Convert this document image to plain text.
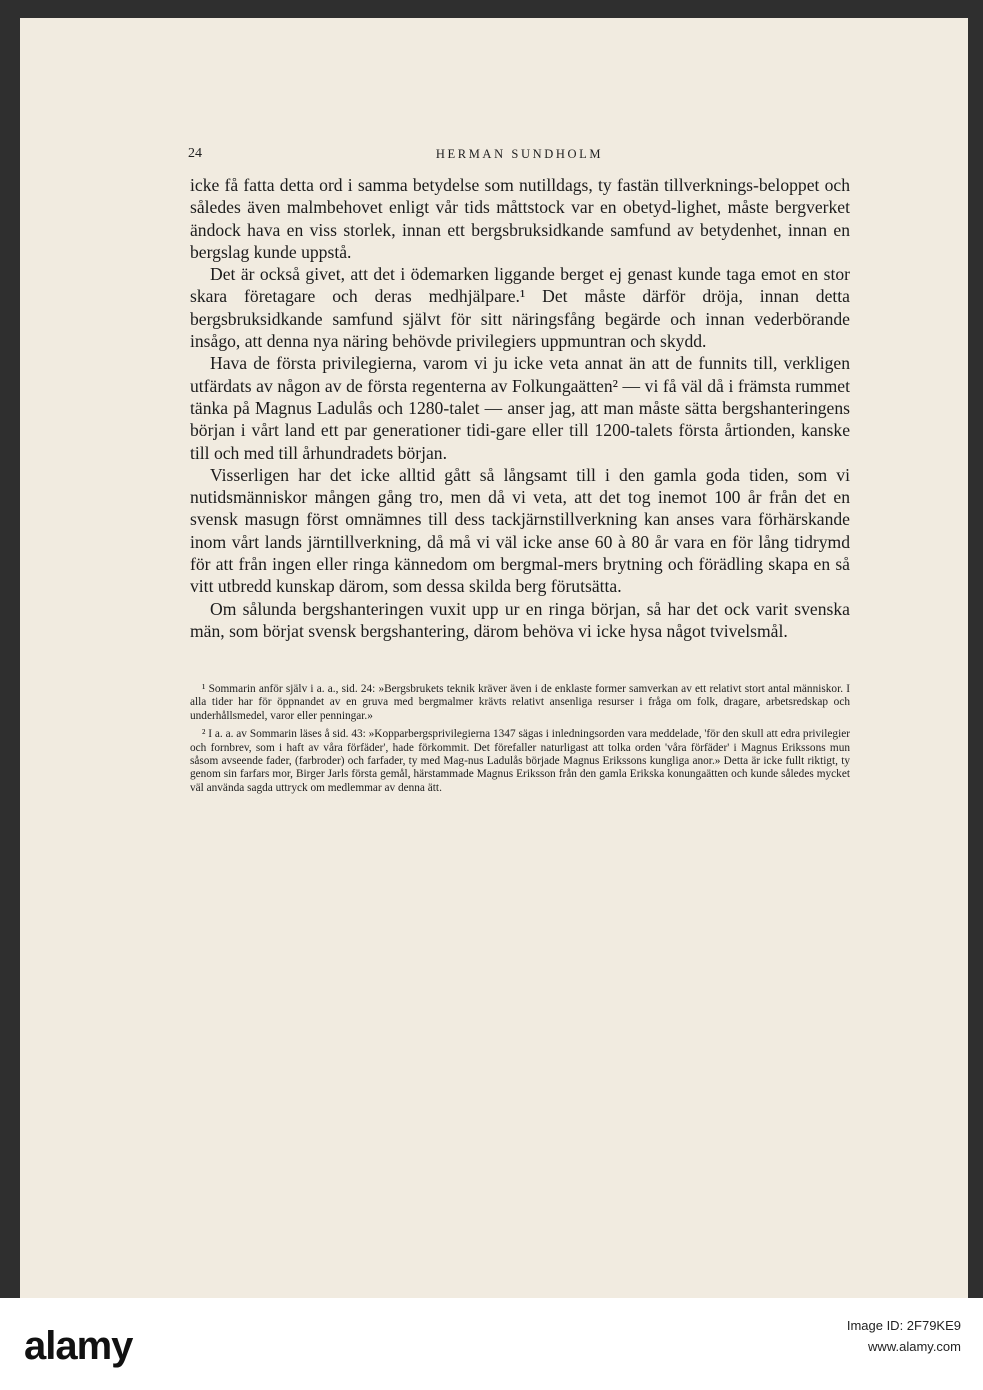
24	HERMAN SUNDHOLM

icke få fatta detta ord i samma betydelse som nutilldags, ty fastän tillverknings-beloppet och således även malmbehovet enligt vår tids måttstock var en obetyd-lighet, måste bergverket ändock hava en viss storlek, innan ett bergsbruksidkande samfund av betydenhet, innan en bergslag kunde uppstå.

Det är också givet, att det i ödemarken liggande berget ej genast kunde taga emot en stor skara företagare och deras medhjälpare.¹ Det måste därför dröja, innan detta bergsbruksidkande samfund självt för sitt näringsfång begärde och innan vederbörande insågo, att denna nya näring behövde privilegiers uppmuntran och skydd.

Hava de första privilegierna, varom vi ju icke veta annat än att de funnits till, verkligen utfärdats av någon av de första regenterna av Folkungaätten² — vi få väl då i främsta rummet tänka på Magnus Ladulås och 1280-talet — anser jag, att man måste sätta bergshanteringens början i vårt land ett par generationer tidi-gare eller till 1200-talets första årtionden, kanske till och med till århundradets början.

Visserligen har det icke alltid gått så långsamt till i den gamla goda tiden, som vi nutidsmänniskor mången gång tro, men då vi veta, att det tog inemot 100 år från det en svensk masugn först omnämnes till dess tackjärnstillverkning kan anses vara förhärskande inom vårt lands järntillverkning, då må vi väl icke anse 60 à 80 år vara en för lång tidrymd för att från ingen eller ringa kännedom om bergmal-mers brytning och förädling skapa en så vitt utbredd kunskap därom, som dessa skilda berg förutsätta.

Om sålunda bergshanteringen vuxit upp ur en ringa början, så har det ock varit svenska män, som börjat svensk bergshantering, därom behöva vi icke hysa något tvivelsmål.

¹ Sommarin anför själv i a. a., sid. 24: »Bergsbrukets teknik kräver även i de enklaste former samverkan av ett relativt stort antal människor. I alla tider har för öppnandet av en gruva med bergmalmer krävts relativt ansenliga resurser i fråga om folk, dragare, arbetsredskap och underhållsmedel, varor eller penningar.»

² I a. a. av Sommarin läses å sid. 43: »Kopparbergsprivilegierna 1347 sägas i inledningsorden vara meddelade, 'för den skull att edra privilegier och fornbrev, som i haft av våra förfäder', hade förkommit. Det förefaller naturligast att tolka orden 'våra förfäder' i Magnus Erikssons mun såsom avseende fader, (farbroder) och farfader, ty med Mag-nus Ladulås började Magnus Erikssons kungliga anor.» Detta är icke fullt riktigt, ty genom sin farfars mor, Birger Jarls första gemål, härstammade Magnus Eriksson från den gamla Erikska konungaätten och kunde således mycket väl använda sagda uttryck om medlemmar av denna ätt.

alamy	Image ID: 2F79KE9
www.alamy.com
